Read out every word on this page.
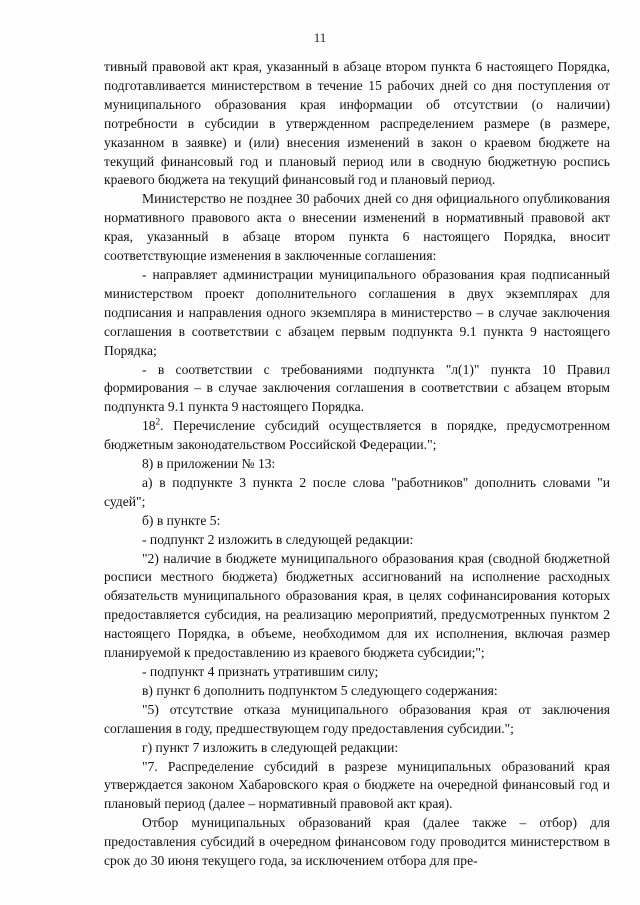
11

тивный правовой акт края, указанный в абзаце втором пункта 6 настоящего Порядка, подготавливается министерством в течение 15 рабочих дней со дня поступления от муниципального образования края информации об отсутствии (о наличии) потребности в субсидии в утвержденном распределением размере (в размере, указанном в заявке) и (или) внесения изменений в закон о краевом бюджете на текущий финансовый год и плановый период или в сводную бюджетную роспись краевого бюджета на текущий финансовый год и плановый период.

Министерство не позднее 30 рабочих дней со дня официального опубликования нормативного правового акта о внесении изменений в нормативный правовой акт края, указанный в абзаце втором пункта 6 настоящего Порядка, вносит соответствующие изменения в заключенные соглашения:

- направляет администрации муниципального образования края подписанный министерством проект дополнительного соглашения в двух экземплярах для подписания и направления одного экземпляра в министерство – в случае заключения соглашения в соответствии с абзацем первым подпункта 9.1 пункта 9 настоящего Порядка;

- в соответствии с требованиями подпункта "л(1)" пункта 10 Правил формирования – в случае заключения соглашения в соответствии с абзацем вторым подпункта 9.1 пункта 9 настоящего Порядка.

$18^2$. Перечисление субсидий осуществляется в порядке, предусмотренном бюджетным законодательством Российской Федерации.";

8) в приложении № 13:

а) в подпункте 3 пункта 2 после слова "работников" дополнить словами "и судей";

б) в пункте 5:

- подпункт 2 изложить в следующей редакции:

"2) наличие в бюджете муниципального образования края (сводной бюджетной росписи местного бюджета) бюджетных ассигнований на исполнение расходных обязательств муниципального образования края, в целях софинансирования которых предоставляется субсидия, на реализацию мероприятий, предусмотренных пунктом 2 настоящего Порядка, в объеме, необходимом для их исполнения, включая размер планируемой к предоставлению из краевого бюджета субсидии;";

- подпункт 4 признать утратившим силу;

в) пункт 6 дополнить подпунктом 5 следующего содержания:

"5) отсутствие отказа муниципального образования края от заключения соглашения в году, предшествующем году предоставления субсидии.";

г) пункт 7 изложить в следующей редакции:

"7. Распределение субсидий в разрезе муниципальных образований края утверждается законом Хабаровского края о бюджете на очередной финансовый год и плановый период (далее – нормативный правовой акт края).

Отбор муниципальных образований края (далее также – отбор) для предоставления субсидий в очередном финансовом году проводится министерством в срок до 30 июня текущего года, за исключением отбора для пре-
